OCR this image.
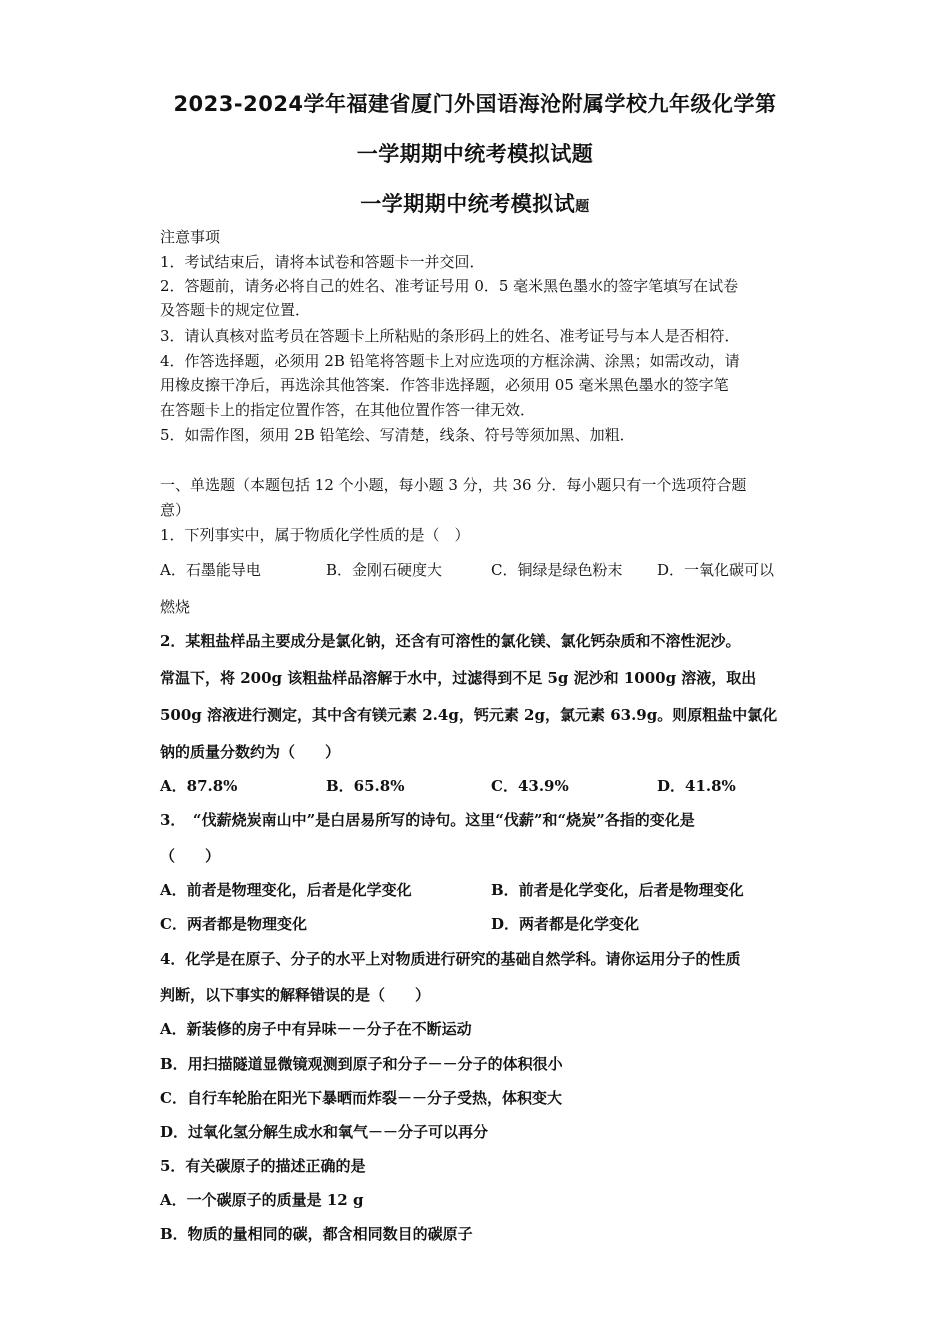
2023-2024学年福建省厦门外国语海沧附属学校九年级化学第
一学期期中统考模拟试题
一学期期中统考模拟试题
注意事项
1．考试结束后，请将本试卷和答题卡一并交回．
2．答题前，请务必将自己的姓名、准考证号用 0．5 毫米黑色墨水的签字笔填写在试卷
及答题卡的规定位置．
3．请认真核对监考员在答题卡上所粘贴的条形码上的姓名、准考证号与本人是否相符．
4．作答选择题，必须用 2B 铅笔将答题卡上对应选项的方框涂满、涂黑；如需改动，请
用橡皮擦干净后，再选涂其他答案．作答非选择题，必须用 05 毫米黑色墨水的签字笔
在答题卡上的指定位置作答，在其他位置作答一律无效．
5．如需作图，须用 2B 铅笔绘、写清楚，线条、符号等须加黑、加粗．
一、单选题（本题包括 12 个小题，每小题 3 分，共 36 分．每小题只有一个选项符合题
意）
1．下列事实中，属于物质化学性质的是（　）
A．石墨能导电	B．金刚石硬度大	C．铜绿是绿色粉末 D．一氧化碳可以
燃烧
2．某粗盐样品主要成分是氯化钠，还含有可溶性的氯化镁、氯化钙杂质和不溶性泥沙。
常温下，将 200g 该粗盐样品溶解于水中，过滤得到不足 5g 泥沙和 1000g 溶液，取出
500g 溶液进行测定，其中含有镁元素 2.4g，钙元素 2g，氯元素 63.9g。则原粗盐中氯化
钠的质量分数约为（　　）
A．87.8%	B．65.8%	C．43.9%	D．41.8%
3．　“伐薪烧炭南山中”是白居易所写的诗句。这里“伐薪”和“烧炭”各指的变化是
（　　）
A．前者是物理变化，后者是化学变化	B．前者是化学变化，后者是物理变化
C．两者都是物理变化	D．两者都是化学变化
4．化学是在原子、分子的水平上对物质进行研究的基础自然学科。请你运用分子的性质
判断，以下事实的解释错误的是（　　）
A．新装修的房子中有异味－－分子在不断运动
B．用扫描隧道显微镜观测到原子和分子－－分子的体积很小
C．自行车轮胎在阳光下暴晒而炸裂－－分子受热，体积变大
D．过氧化氢分解生成水和氧气－－分子可以再分
5．有关碳原子的描述正确的是
A．一个碳原子的质量是 12 g
B．物质的量相同的碳，都含相同数目的碳原子
